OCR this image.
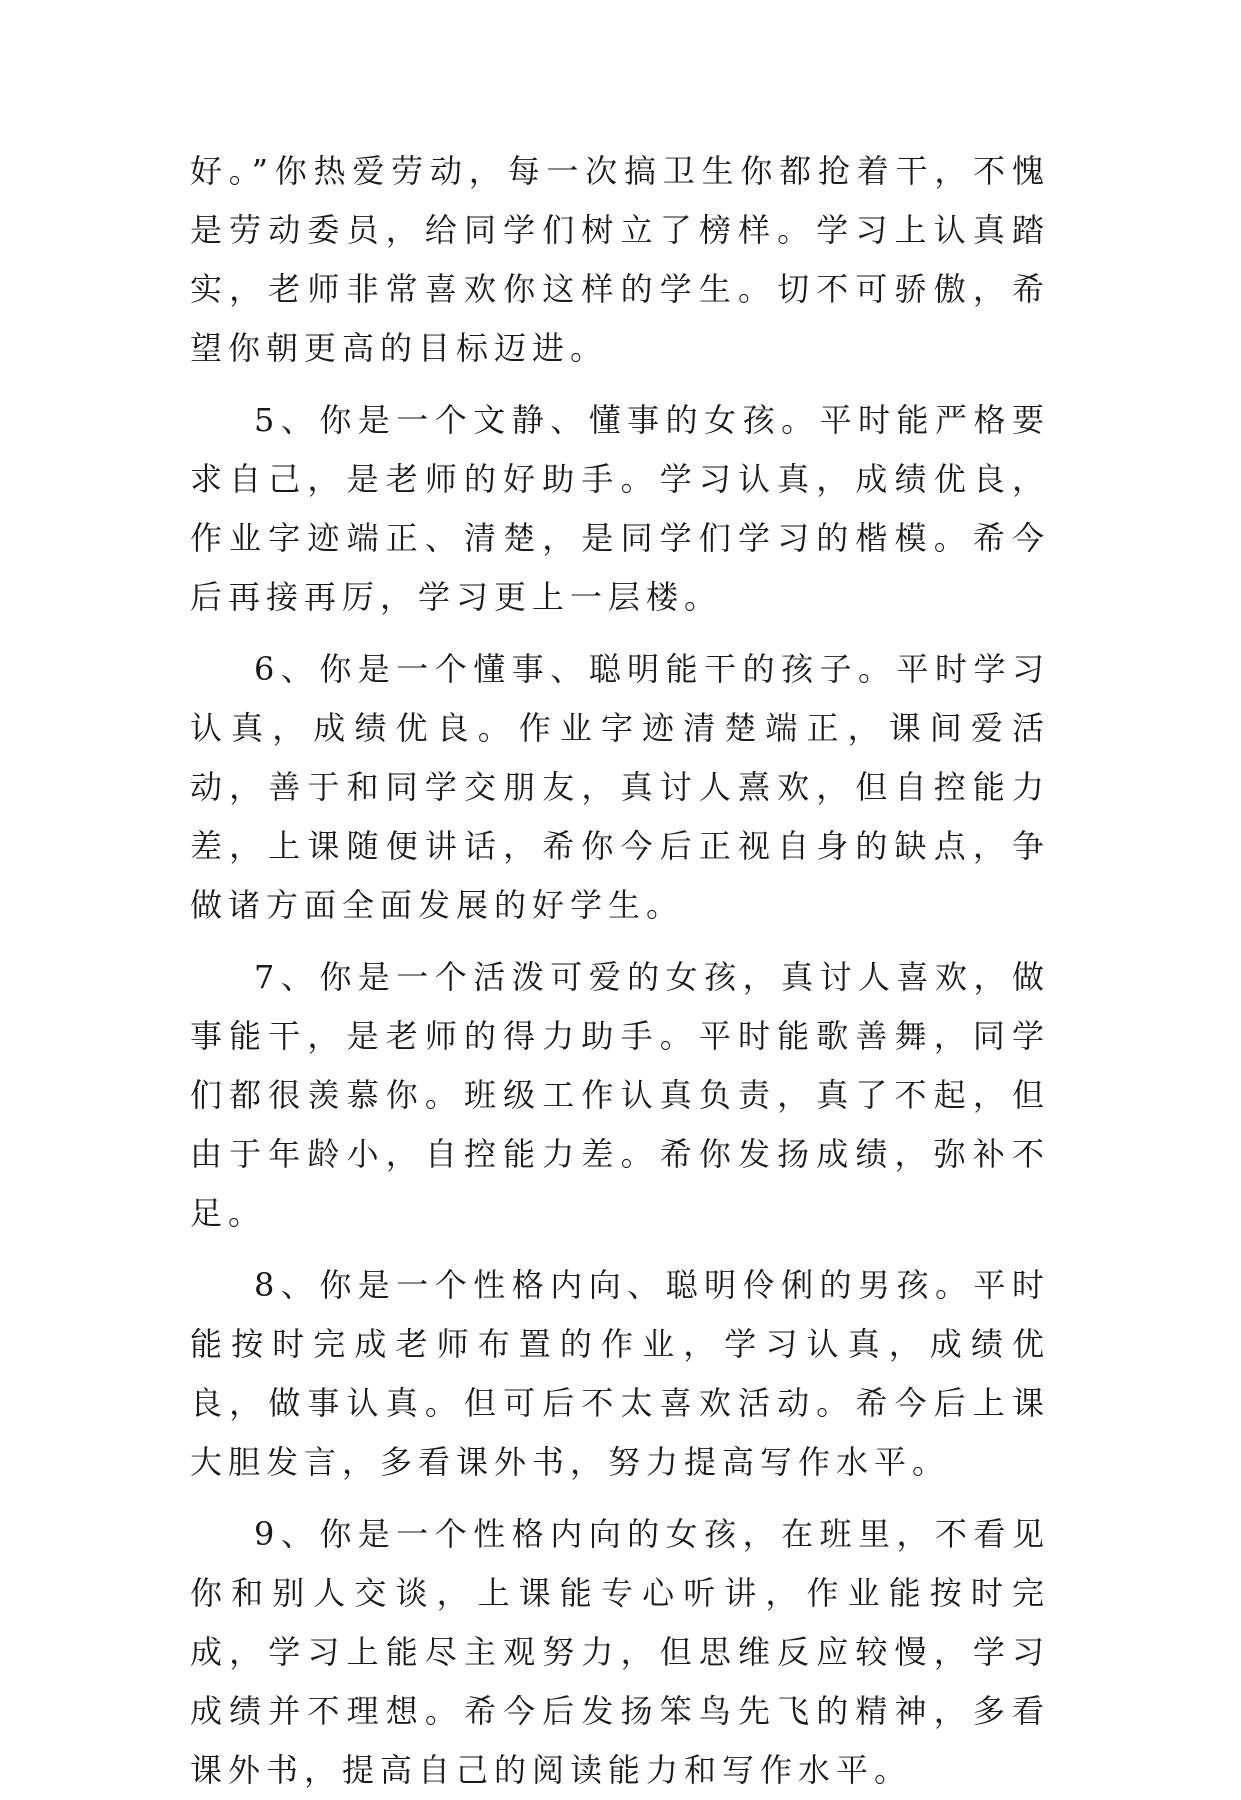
好。”你热爱劳动，每一次搞卫生你都抢着干，不愧是劳动委员，给同学们树立了榜样。学习上认真踏实，老师非常喜欢你这样的学生。切不可骄傲，希望你朝更高的目标迈进。

5、你是一个文静、懂事的女孩。平时能严格要求自己，是老师的好助手。学习认真，成绩优良，作业字迹端正、清楚，是同学们学习的楷模。希今后再接再厉，学习更上一层楼。

6、你是一个懂事、聪明能干的孩子。平时学习认真，成绩优良。作业字迹清楚端正，课间爱活动，善于和同学交朋友，真讨人熹欢，但自控能力差，上课随便讲话，希你今后正视自身的缺点，争做诸方面全面发展的好学生。

7、你是一个活泼可爱的女孩，真讨人喜欢，做事能干，是老师的得力助手。平时能歌善舞，同学们都很羡慕你。班级工作认真负责，真了不起，但由于年龄小，自控能力差。希你发扬成绩，弥补不足。

8、你是一个性格内向、聪明伶俐的男孩。平时能按时完成老师布置的作业，学习认真，成绩优良，做事认真。但可后不太喜欢活动。希今后上课大胆发言，多看课外书，努力提高写作水平。

9、你是一个性格内向的女孩，在班里，不看见你和别人交谈，上课能专心听讲，作业能按时完成，学习上能尽主观努力，但思维反应较慢，学习成绩并不理想。希今后发扬笨鸟先飞的精神，多看课外书，提高自己的阅读能力和写作水平。
